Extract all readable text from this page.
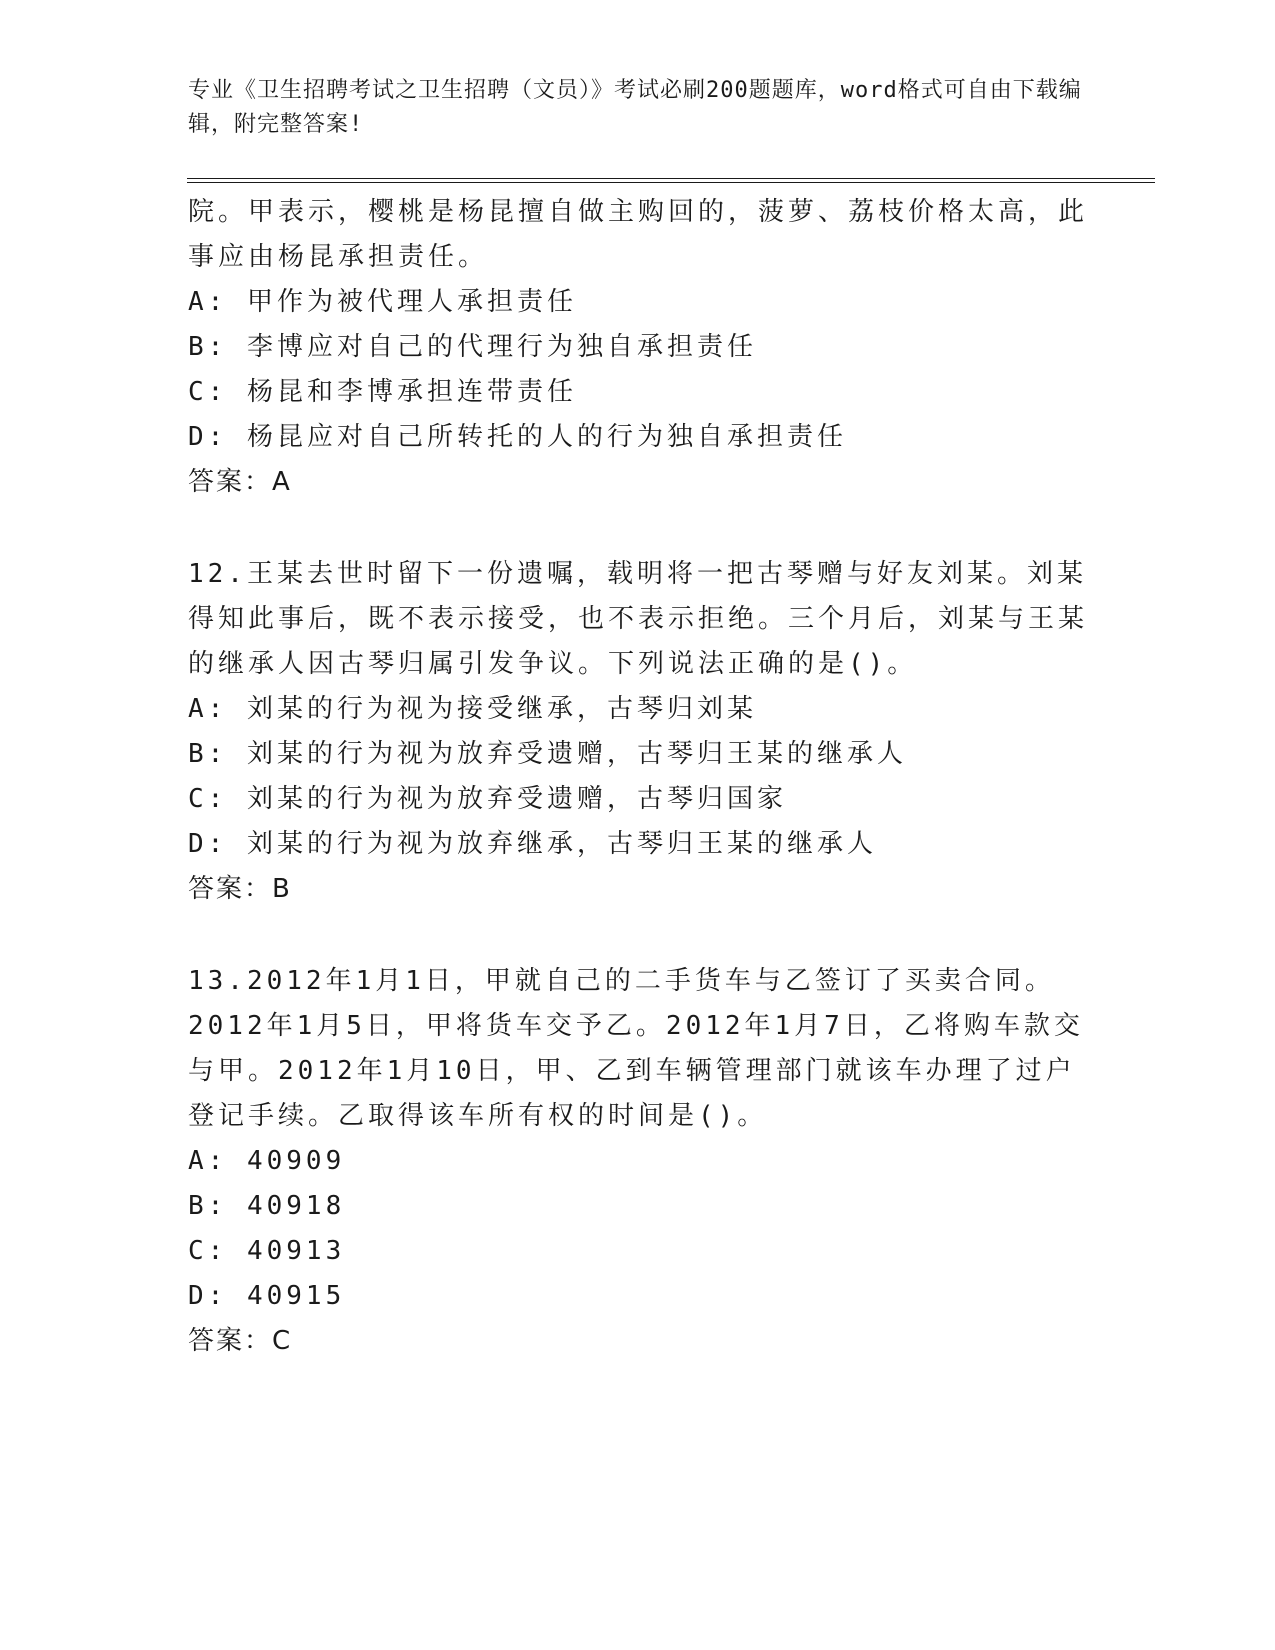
专业《卫生招聘考试之卫生招聘（文员）》考试必刷200题题库，word格式可自由下载编辑，附完整答案!

院。甲表示，樱桃是杨昆擅自做主购回的，菠萝、荔枝价格太高，此事应由杨昆承担责任。

A: 甲作为被代理人承担责任

B: 李博应对自己的代理行为独自承担责任

C: 杨昆和李博承担连带责任

D: 杨昆应对自己所转托的人的行为独自承担责任

答案：A

12.王某去世时留下一份遗嘱，载明将一把古琴赠与好友刘某。刘某得知此事后，既不表示接受，也不表示拒绝。三个月后，刘某与王某的继承人因古琴归属引发争议。下列说法正确的是()。

A: 刘某的行为视为接受继承，古琴归刘某

B: 刘某的行为视为放弃受遗赠，古琴归王某的继承人

C: 刘某的行为视为放弃受遗赠，古琴归国家

D: 刘某的行为视为放弃继承，古琴归王某的继承人

答案：B

13.2012年1月1日，甲就自己的二手货车与乙签订了买卖合同。2012年1月5日，甲将货车交予乙。2012年1月7日，乙将购车款交与甲。2012年1月10日，甲、乙到车辆管理部门就该车办理了过户登记手续。乙取得该车所有权的时间是()。

A: 40909

B: 40918

C: 40913

D: 40915

答案：C
